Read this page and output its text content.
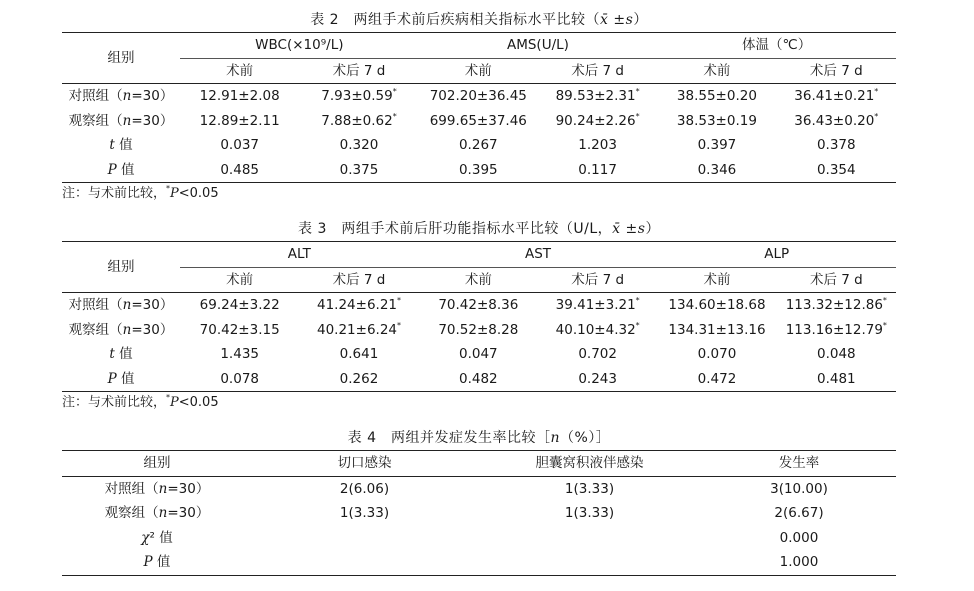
表 2　两组手术前后疾病相关指标水平比较（x̄ ±s）
组别	WBC(×10⁹/L)		AMS(U/L)		体温（℃）	
	术前	术后 7 d	术前	术后 7 d	术前	术后 7 d
对照组（n=30）	12.91±2.08	7.93±0.59*	702.20±36.45	89.53±2.31*	38.55±0.20	36.41±0.21*
观察组（n=30）	12.89±2.11	7.88±0.62*	699.65±37.46	90.24±2.26*	38.53±0.19	36.43±0.20*
t 值	0.037	0.320	0.267	1.203	0.397	0.378
P 值	0.485	0.375	0.395	0.117	0.346	0.354
注：与术前比较，*P<0.05
表 3　两组手术前后肝功能指标水平比较（U/L，x̄ ±s）
组别	ALT		AST		ALP	
	术前	术后 7 d	术前	术后 7 d	术前	术后 7 d
对照组（n=30）	69.24±3.22	41.24±6.21*	70.42±8.36	39.41±3.21*	134.60±18.68	113.32±12.86*
观察组（n=30）	70.42±3.15	40.21±6.24*	70.52±8.28	40.10±4.32*	134.31±13.16	113.16±12.79*
t 值	1.435	0.641	0.047	0.702	0.070	0.048
P 值	0.078	0.262	0.482	0.243	0.472	0.481
注：与术前比较，*P<0.05
表 4　两组并发症发生率比较［n（%）］
组别	切口感染	胆囊窝积液伴感染	发生率
对照组（n=30）	2(6.06)	1(3.33)	3(10.00)
观察组（n=30）	1(3.33)	1(3.33)	2(6.67)
χ² 值			0.000
P 值			1.000
